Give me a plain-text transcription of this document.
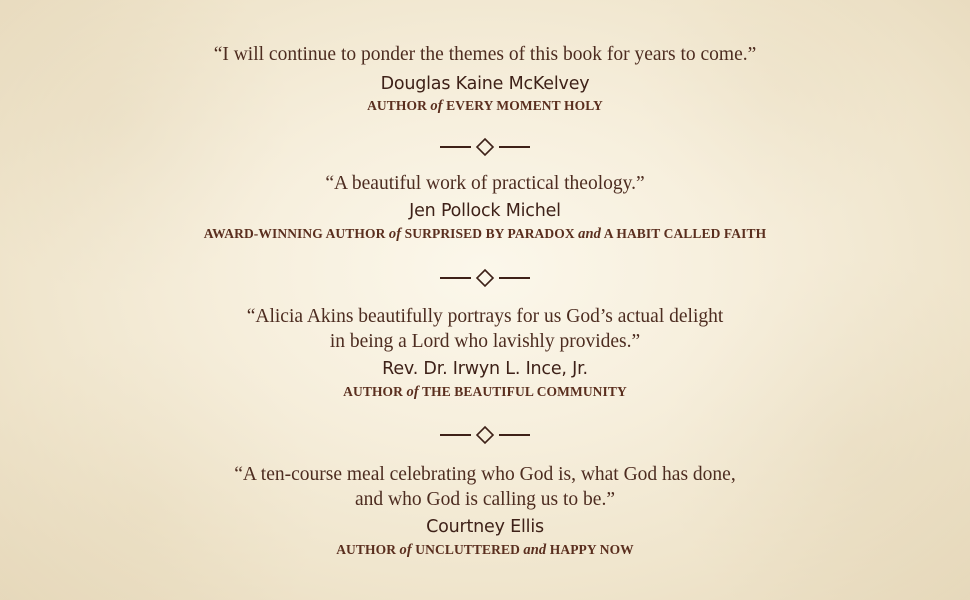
“I will continue to ponder the themes of this book for years to come.”

Douglas Kaine McKelvey
AUTHOR of EVERY MOMENT HOLY

“A beautiful work of practical theology.”

Jen Pollock Michel
AWARD-WINNING AUTHOR of SURPRISED BY PARADOX and A HABIT CALLED FAITH

“Alicia Akins beautifully portrays for us God’s actual delight
in being a Lord who lavishly provides.”

Rev. Dr. Irwyn L. Ince, Jr.
AUTHOR of THE BEAUTIFUL COMMUNITY

“A ten-course meal celebrating who God is, what God has done,
and who God is calling us to be.”

Courtney Ellis
AUTHOR of UNCLUTTERED and HAPPY NOW
